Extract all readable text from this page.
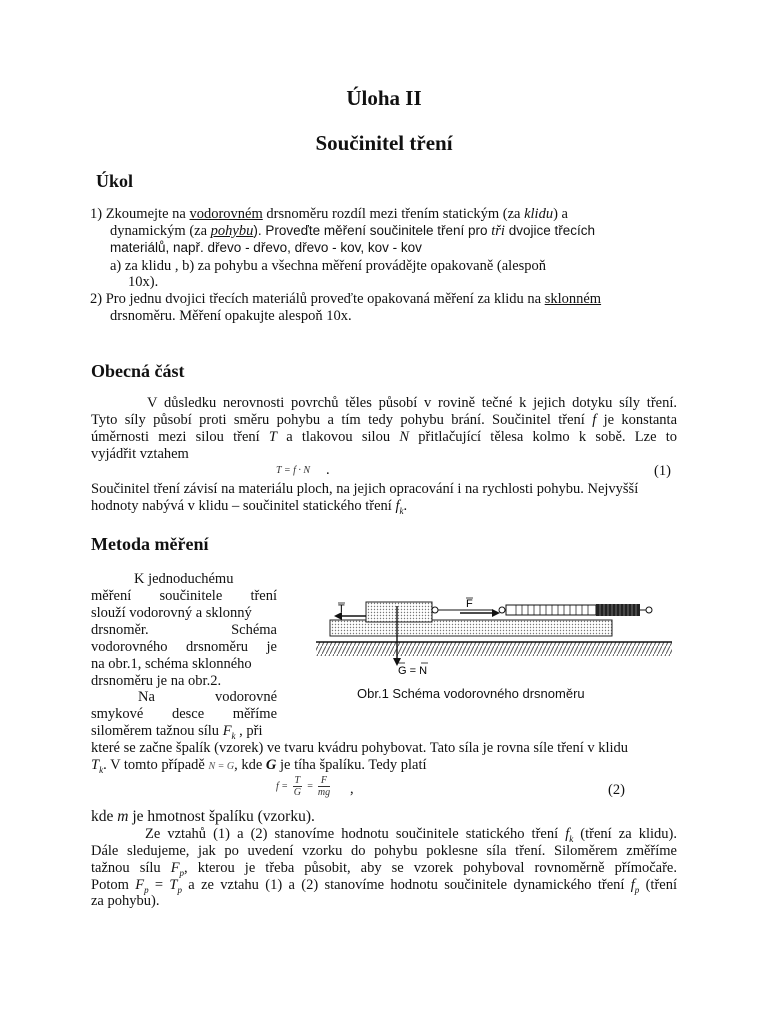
Úloha II
Součinitel tření
Úkol
1) Zkoumejte na vodorovném drsnoměru rozdíl mezi třením statickým (za klidu) a
dynamickým (za pohybu). Proveďte měření součinitele tření pro tři dvojice třecích
materiálů, např. dřevo - dřevo, dřevo - kov, kov - kov
a) za klidu , b) za pohybu a všechna měření provádějte opakovaně (alespoň
10x).
2) Pro jednu dvojici třecích materiálů proveďte opakovaná měření za klidu na sklonném
drsnoměru. Měření opakujte alespoň 10x.
Obecná část
V důsledku nerovnosti povrchů těles působí v rovině tečné k jejich dotyku síly tření.
Tyto síly působí proti směru pohybu a tím tedy pohybu brání. Součinitel tření f je konstanta
úměrnosti mezi silou tření T a tlakovou silou N přitlačující tělesa kolmo k sobě. Lze to
vyjádřit vztahem
T = f · N .	(1)
Součinitel tření závisí na materiálu ploch, na jejich opracování i na rychlosti pohybu. Nejvyšší
hodnoty nabývá v klidu – součinitel statického tření $f_k$.
Metoda měření
K jednoduchému
měření součinitele tření
slouží vodorovný a sklonný
drsnoměr.	Schéma
vodorovného drsnoměru je
na obr.1, schéma sklonného
drsnoměru je na obr.2.
Na	vodorovné
smykové desce měříme
siloměrem tažnou sílu $F_k$ , při
T	F
G = N
Obr.1 Schéma vodorovného drsnoměru
které se začne špalík (vzorek) ve tvaru kvádru pohybovat. Tato síla je rovna síle tření v klidu
$T_k$. V tomto případě N = G, kde G je tíha špalíku. Tedy platí
$f = \frac{T}{G} = \frac{F}{mg}$ ,	(2)
kde m je hmotnost špalíku (vzorku).
Ze vztahů (1) a (2) stanovíme hodnotu součinitele statického tření $f_k$ (tření za klidu).
Dále sledujeme, jak po uvedení vzorku do pohybu poklesne síla tření. Siloměrem změříme
tažnou sílu $F_p$, kterou je třeba působit, aby se vzorek pohyboval rovnoměrně přímočaře.
Potom $F_p = T_p$ a ze vztahu (1) a (2) stanovíme hodnotu součinitele dynamického tření $f_p$ (tření
za pohybu).
